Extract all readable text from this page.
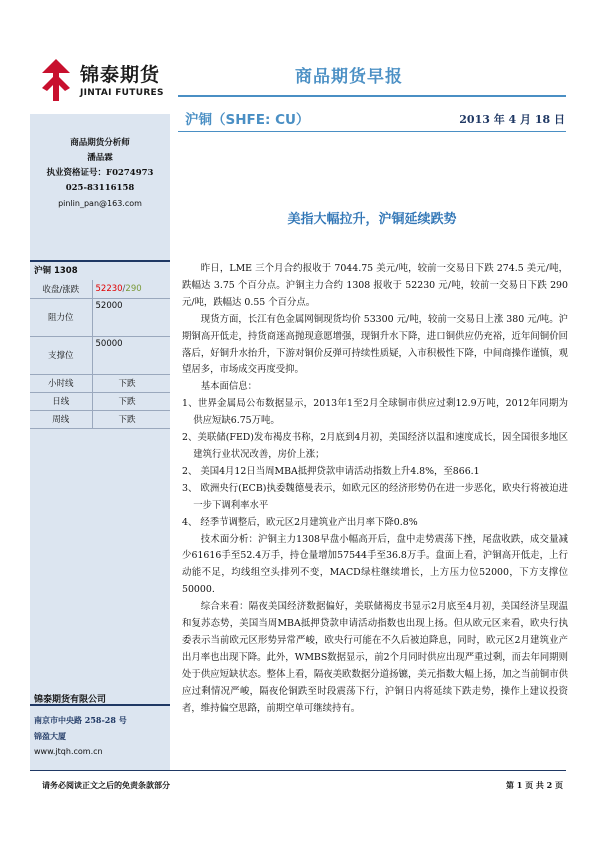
锦泰期货
JINTAI FUTURES
商品期货早报
沪铜（SHFE: CU）	2013 年 4 月 18 日
商品期货分析师
潘品霖
执业资格证号：F0274973
025-83116158
pinlin_pan@163.com
沪铜 1308
收盘/涨跌	52230/290
阻力位	52000
支撑位	50000
小时线	下跌
日线	下跌
周线	下跌
锦泰期货有限公司
南京市中央路 258-28 号
锦盈大厦
www.jtqh.com.cn
美指大幅拉升，沪铜延续跌势

昨日，LME 三个月合约报收于 7044.75 美元/吨，较前一交易日下跌 274.5 美元/吨，跌幅达 3.75 个百分点。沪铜主力合约 1308 报收于 52230 元/吨，较前一交易日下跌 290 元/吨，跌幅达 0.55 个百分点。

现货方面，长江有色金属网铜现货均价 53300 元/吨，较前一交易日上涨 380 元/吨。沪期铜高开低走，持货商迷高抛现意愿增强，现铜升水下降，进口铜供应仍充裕，近年间铜价回落后，好铜升水抬升，下游对铜价反弹可持续性质疑，入市积极性下降，中间商操作谨慎，观望居多，市场成交再度受抑。

基本面信息：

1、世界金属局公布数据显示，2013年1至2月全球铜市供应过剩12.9万吨，2012年同期为供应短缺6.75万吨。

2、美联储(FED)发布褐皮书称，2月底到4月初，美国经济以温和速度成长，因全国很多地区建筑行业状况改善，房价上涨；

2、 美国4月12日当周MBA抵押贷款申请活动指数上升4.8%，至866.1

3、 欧洲央行(ECB)执委魏德曼表示，如欧元区的经济形势仍在进一步恶化，欧央行将被迫进一步下调利率水平

4、 经季节调整后，欧元区2月建筑业产出月率下降0.8%

技术面分析：沪铜主力1308早盘小幅高开后，盘中走势震荡下挫，尾盘收跌，成交量减少61616手至52.4万手，持仓量增加57544手至36.8万手。盘面上看，沪铜高开低走，上行动能不足，均线组空头排列不变，MACD绿柱继续增长，上方压力位52000，下方支撑位50000.

综合来看：隔夜美国经济数据偏好，美联储褐皮书显示2月底至4月初，美国经济呈现温和复苏态势，美国当周MBA抵押贷款申请活动指数也出现上扬。但从欧元区来看，欧央行执委表示当前欧元区形势异常严峻，欧央行可能在不久后被迫降息，同时，欧元区2月建筑业产出月率也出现下降。此外，WMBS数据显示，前2个月同时供应出现严重过剩，而去年同期则处于供应短缺状态。整体上看，隔夜美欧数据分道扬镳，美元指数大幅上扬，加之当前铜市供应过剩情况严峻，隔夜伦铜跌至时段震荡下行，沪铜日内将延续下跌走势，操作上建议投资者，维持偏空思路，前期空单可继续持有。

请务必阅读正文之后的免责条款部分	第 1 页 共 2 页
